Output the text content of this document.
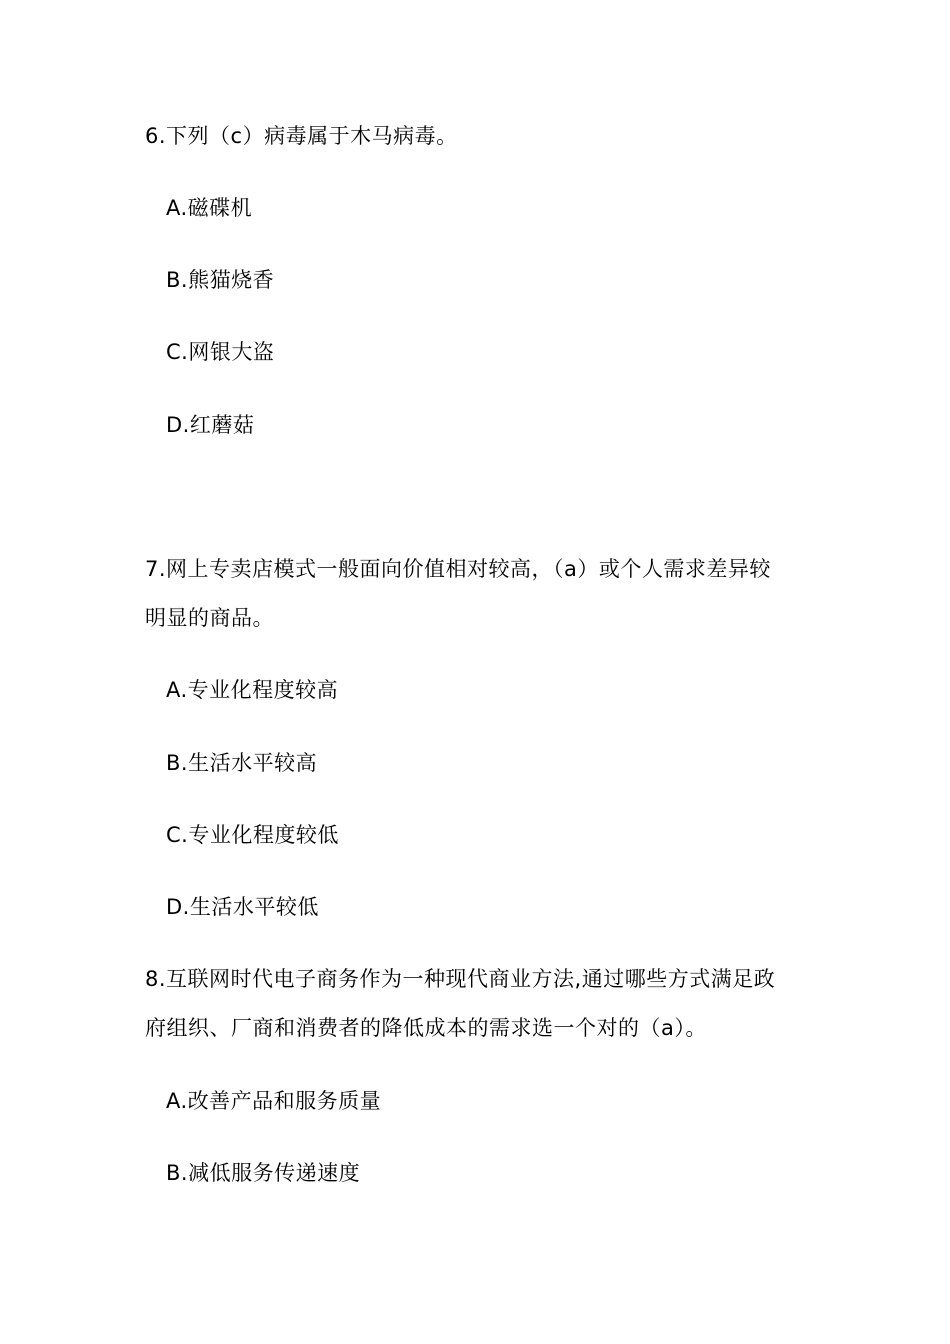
6.下列（c）病毒属于木马病毒。
A.磁碟机
B.熊猫烧香
C.网银大盗
D.红蘑菇
7.网上专卖店模式一般面向价值相对较高，（a）或个人需求差异较
明显的商品。
A.专业化程度较高
B.生活水平较高
C.专业化程度较低
D.生活水平较低
8.互联网时代电子商务作为一种现代商业方法,通过哪些方式满足政
府组织、厂商和消费者的降低成本的需求选一个对的（a）。
A.改善产品和服务质量
B.减低服务传递速度
